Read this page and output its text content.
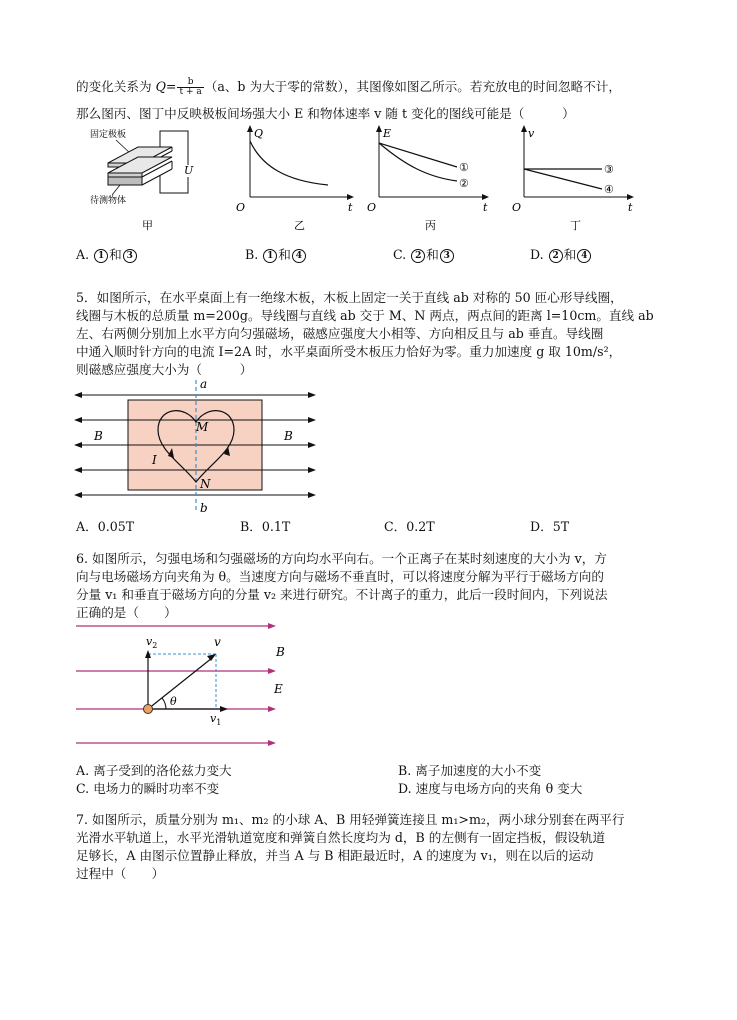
的变化关系为 $Q= \frac{b}{t + a} (a$、b 为大于零的常数），其图像如图乙所示。若充放电的时间忽略不计，
那么图丙、图丁中反映极板间场强大小 E 和物体速率 v 随 t 变化的图线可能是（　　　）
固定极板
U
待测物体
甲
Q
t
O
乙
E
t
O
①
②
丙
v
t
O
③
④
丁
A. 1 和 3	B. 1 和 4	C. 2 和 3	D. 2 和 4
5．如图所示，在水平桌面上有一绝缘木板，木板上固定一关于直线 ab 对称的 50 匝心形导线圈，
线圈与木板的总质量 m=200g。导线圈与直线 ab 交于 M、N 两点，两点间的距离 l=10cm。直线 ab
左、右两侧分别加上水平方向匀强磁场，磁感应强度大小相等、方向相反且与 ab 垂直。导线圈
中通入顺时针方向的电流 I=2A 时，水平桌面所受木板压力恰好为零。重力加速度 g 取 10m/s²，
则磁感应强度大小为（　　　）
a
b
B	B
M
N
I
A．0.05T	B．0.1T	C．0.2T	D．5T
6. 如图所示，匀强电场和匀强磁场的方向均水平向右。一个正离子在某时刻速度的大小为 v，方
向与电场磁场方向夹角为 θ。当速度方向与磁场不垂直时，可以将速度分解为平行于磁场方向的
分量 v₁ 和垂直于磁场方向的分量 v₂ 来进行研究。不计离子的重力，此后一段时间内，下列说法
正确的是（　　）
$v_2$	v
$v_1$
θ
B
E
A. 离子受到的洛伦兹力变大	B. 离子加速度的大小不变
C. 电场力的瞬时功率不变	D. 速度与电场方向的夹角 θ 变大
7. 如图所示，质量分别为 m₁、m₂ 的小球 A、B 用轻弹簧连接且 m₁>m₂，两小球分别套在两平行
光滑水平轨道上，水平光滑轨道宽度和弹簧自然长度均为 d，B 的左侧有一固定挡板，假设轨道
足够长，A 由图示位置静止释放，并当 A 与 B 相距最近时，A 的速度为 v₁，则在以后的运动
过程中（　　）
